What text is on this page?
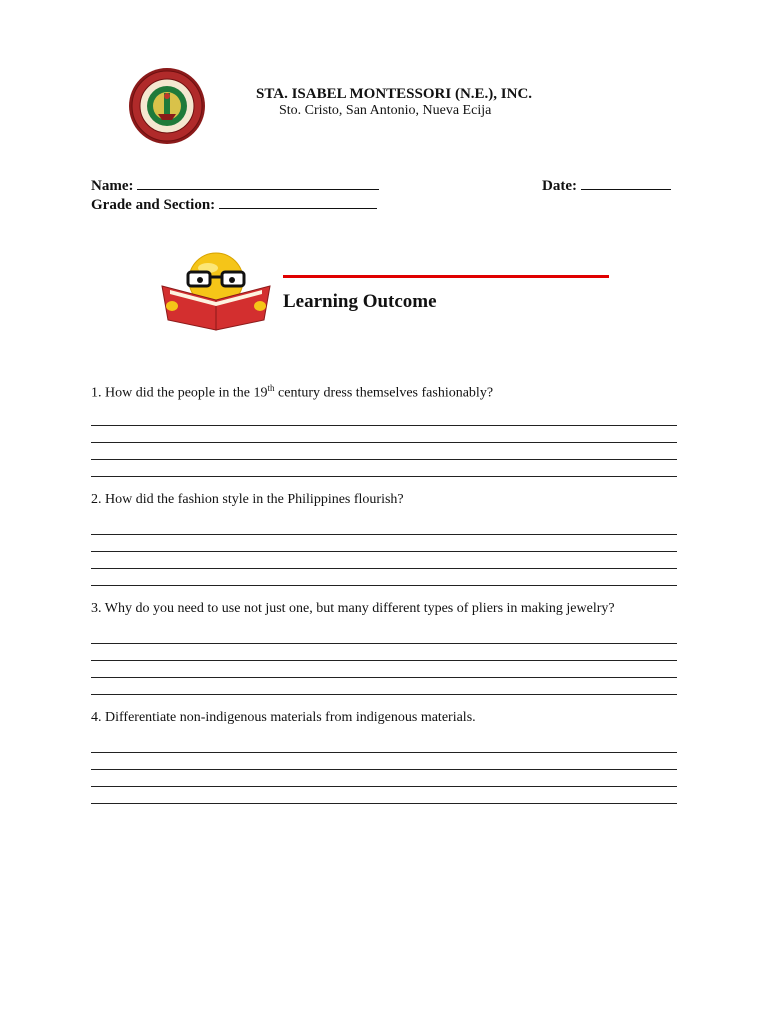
STA. ISABEL MONTESSORI (N.E.), INC.
Sto. Cristo, San Antonio, Nueva Ecija
Name:	Date:
Grade and Section:
Learning Outcome
1. How did the people in the 19th century dress themselves fashionably?
2. How did the fashion style in the Philippines flourish?
3. Why do you need to use not just one, but many different types of pliers in making jewelry?
4. Differentiate non-indigenous materials from indigenous materials.
